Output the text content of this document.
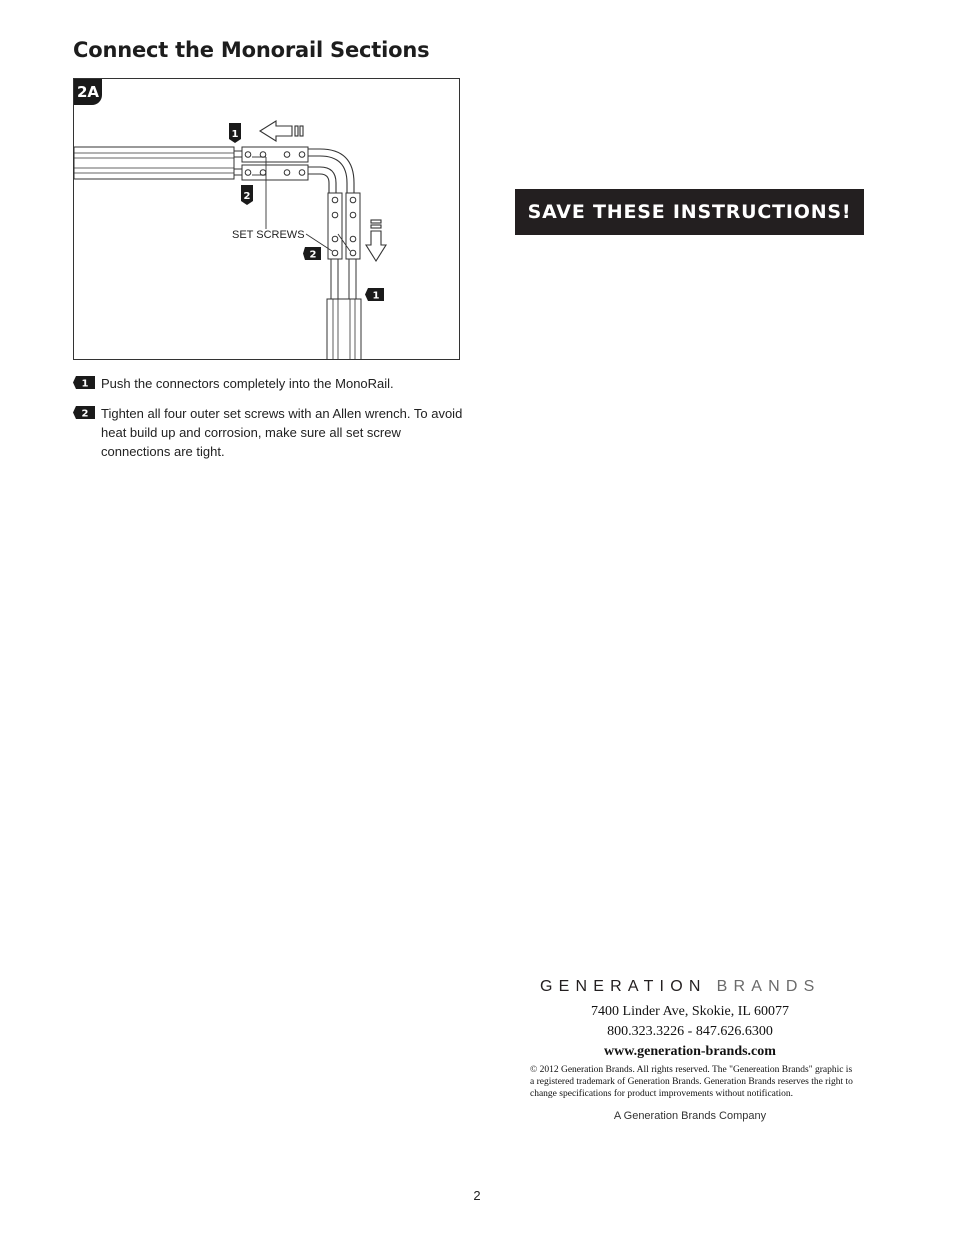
Connect the Monorail Sections
1
2
2
1
SET SCREWS
2A
1 Push the connectors completely into the MonoRail.
2 Tighten all four outer set screws with an Allen wrench. To avoid heat build up and corrosion, make sure all set screw connections are tight.
SAVE THESE INSTRUCTIONS!
GENERATION BRANDS
7400 Linder Ave, Skokie, IL 60077
800.323.3226 - 847.626.6300
www.generation-brands.com
© 2012 Generation Brands. All rights reserved. The "Genereation Brands" graphic is a registered trademark of Generation Brands. Generation Brands reserves the right to change specifications for product improvements without notification.
A Generation Brands Company
2
